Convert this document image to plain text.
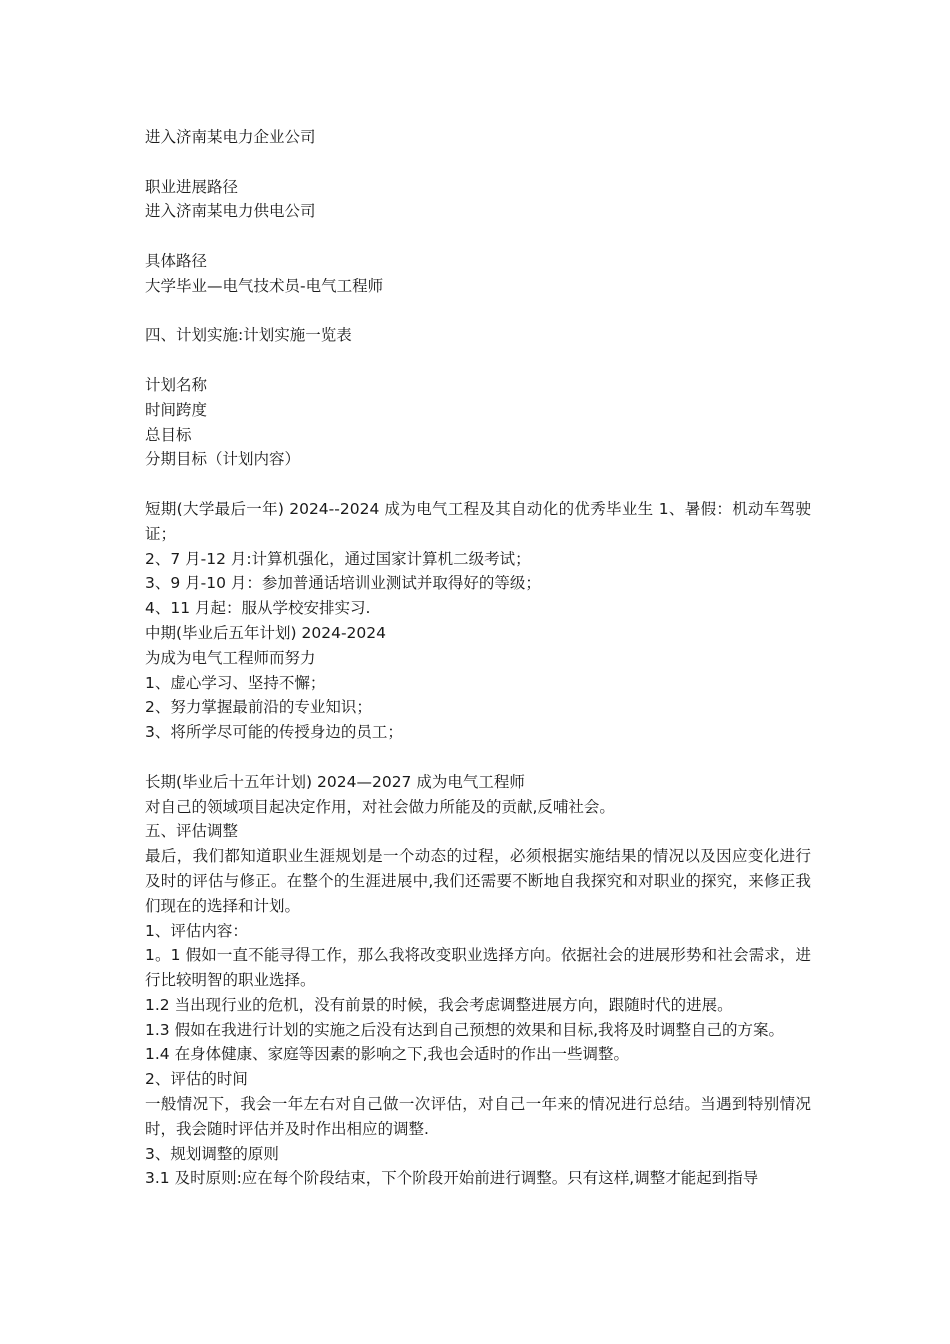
进入济南某电力企业公司
职业进展路径
进入济南某电力供电公司
具体路径
大学毕业—电气技术员-电气工程师
四、计划实施:计划实施一览表
计划名称
时间跨度
总目标
分期目标（计划内容）
短期(大学最后一年) 2024--2024 成为电气工程及其自动化的优秀毕业生 1、暑假：机动车驾驶证；
2、7 月-12 月:计算机强化，通过国家计算机二级考试；
3、9 月-10 月：参加普通话培训业测试并取得好的等级；
4、11 月起：服从学校安排实习.
中期(毕业后五年计划) 2024-2024
为成为电气工程师而努力
1、虚心学习、坚持不懈；
2、努力掌握最前沿的专业知识；
3、将所学尽可能的传授身边的员工；
长期(毕业后十五年计划) 2024—2027 成为电气工程师
对自己的领域项目起决定作用，对社会做力所能及的贡献,反哺社会。
五、评估调整
最后，我们都知道职业生涯规划是一个动态的过程，必须根据实施结果的情况以及因应变化进行及时的评估与修正。在整个的生涯进展中,我们还需要不断地自我探究和对职业的探究，来修正我们现在的选择和计划。
1、评估内容：
1。1 假如一直不能寻得工作，那么我将改变职业选择方向。依据社会的进展形势和社会需求，进行比较明智的职业选择。
1.2 当出现行业的危机，没有前景的时候，我会考虑调整进展方向，跟随时代的进展。
1.3 假如在我进行计划的实施之后没有达到自己预想的效果和目标,我将及时调整自己的方案。
1.4 在身体健康、家庭等因素的影响之下,我也会适时的作出一些调整。
2、评估的时间
一般情况下，我会一年左右对自己做一次评估，对自己一年来的情况进行总结。当遇到特别情况时，我会随时评估并及时作出相应的调整.
3、规划调整的原则
3.1 及时原则:应在每个阶段结束，下个阶段开始前进行调整。只有这样,调整才能起到指导
